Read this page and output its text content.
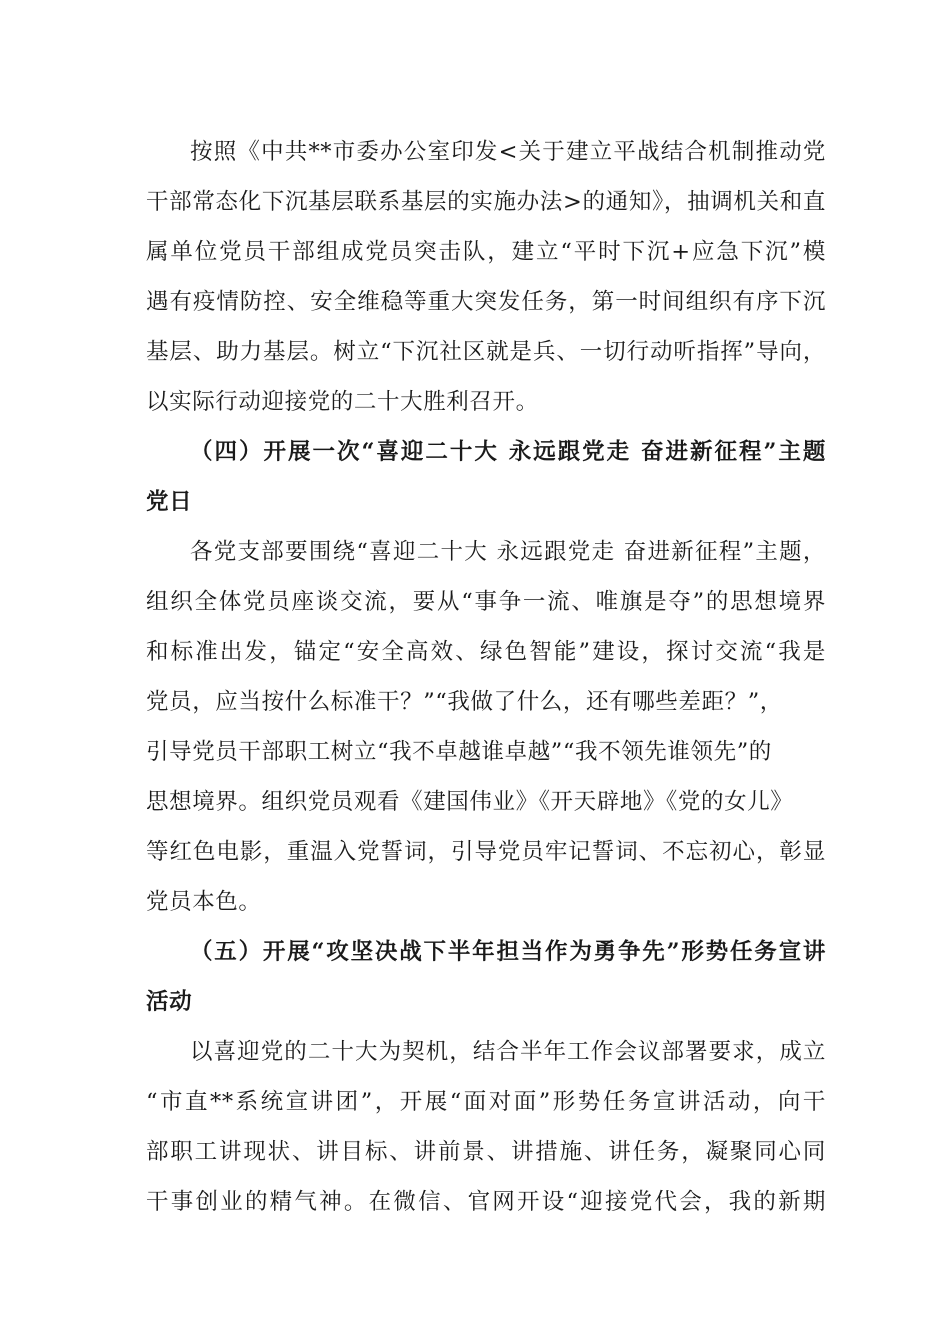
按照《中共**市委办公室印发<关于建立平战结合机制推动党
干部常态化下沉基层联系基层的实施办法>的通知》，抽调机关和直
属单位党员干部组成党员突击队，建立“平时下沉+应急下沉”模
遇有疫情防控、安全维稳等重大突发任务，第一时间组织有序下沉
基层、助力基层。树立“下沉社区就是兵、一切行动听指挥”导向，
以实际行动迎接党的二十大胜利召开。
（四）开展一次“喜迎二十大 永远跟党走 奋进新征程”主题
党日
各党支部要围绕“喜迎二十大 永远跟党走 奋进新征程”主题，
组织全体党员座谈交流，要从“事争一流、唯旗是夺”的思想境界
和标准出发，锚定“安全高效、绿色智能”建设，探讨交流“我是
党员，应当按什么标准干？”“我做了什么，还有哪些差距？”，
引导党员干部职工树立“我不卓越谁卓越”“我不领先谁领先”的
思想境界。组织党员观看《建国伟业》《开天辟地》《党的女儿》
等红色电影，重温入党誓词，引导党员牢记誓词、不忘初心，彰显
党员本色。
（五）开展“攻坚决战下半年担当作为勇争先”形势任务宣讲
活动
以喜迎党的二十大为契机，结合半年工作会议部署要求，成立
“市直**系统宣讲团”，开展“面对面”形势任务宣讲活动，向干
部职工讲现状、讲目标、讲前景、讲措施、讲任务，凝聚同心同
干事创业的精气神。在微信、官网开设“迎接党代会，我的新期
